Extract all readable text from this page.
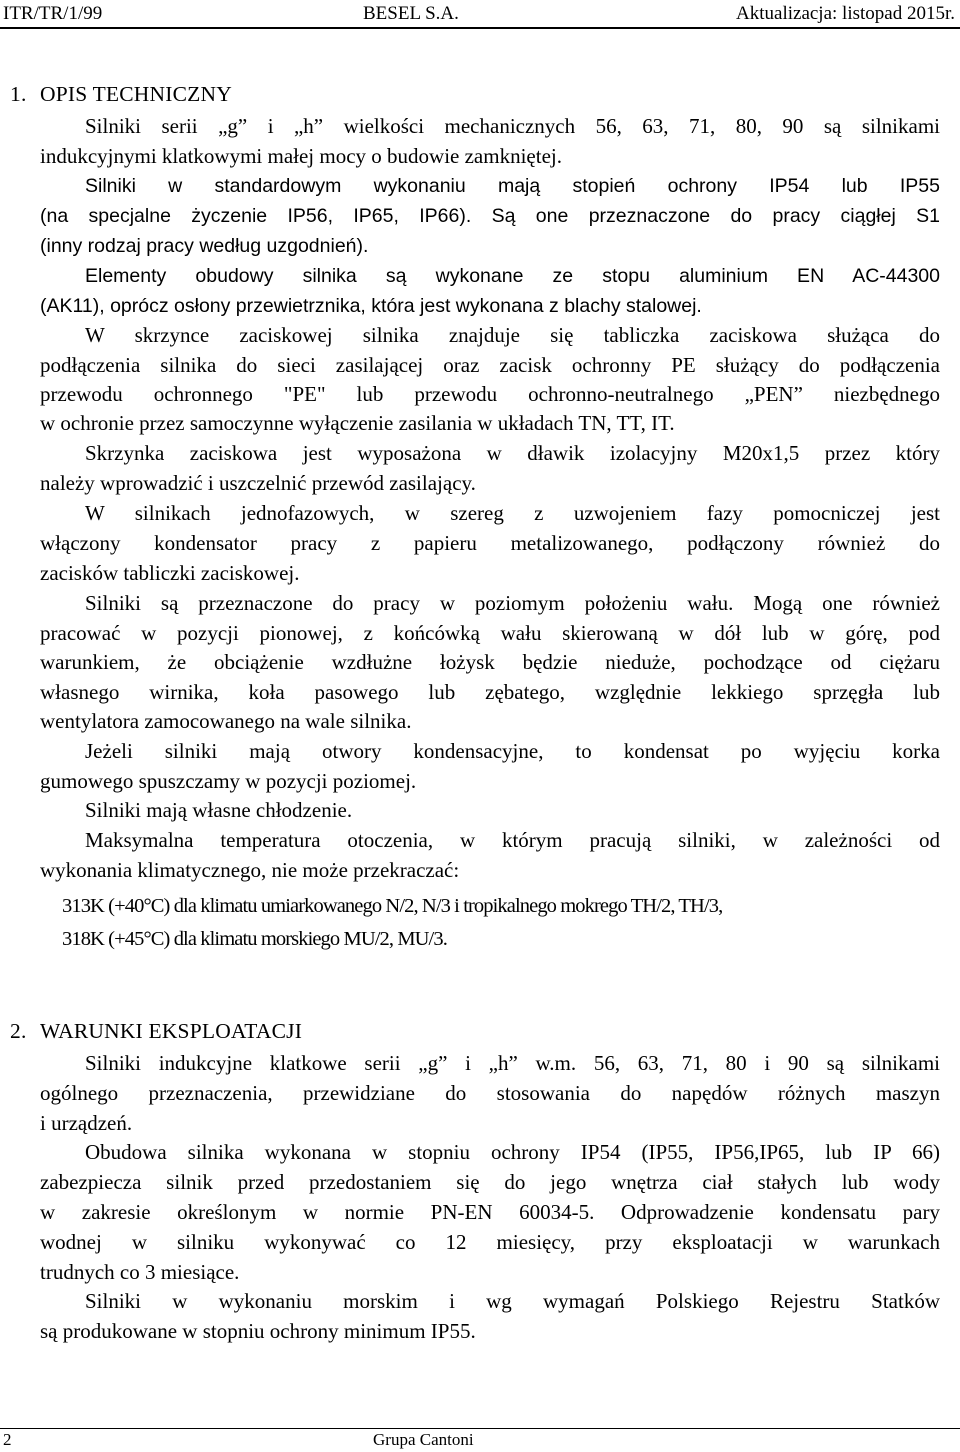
ITR/TR/1/99	BESEL S.A.	Aktualizacja: listopad 2015r.
1. OPIS TECHNICZNY
Silniki serii „g” i „h” wielkości mechanicznych 56, 63, 71, 80, 90 są silnikami
indukcyjnymi klatkowymi małej mocy o budowie zamkniętej.
Silniki w standardowym wykonaniu mają stopień ochrony IP54 lub IP55
(na specjalne życzenie IP56, IP65, IP66). Są one przeznaczone do pracy ciągłej S1
(inny rodzaj pracy według uzgodnień).
Elementy obudowy silnika są wykonane ze stopu aluminium EN AC-44300
(AK11), oprócz osłony przewietrznika, która jest wykonana z blachy stalowej.
W skrzynce zaciskowej silnika znajduje się tabliczka zaciskowa służąca do
podłączenia silnika do sieci zasilającej oraz zacisk ochronny PE służący do podłączenia
przewodu ochronnego "PE" lub przewodu ochronno-neutralnego „PEN” niezbędnego
w ochronie przez samoczynne wyłączenie zasilania w układach TN, TT, IT.
Skrzynka zaciskowa jest wyposażona w dławik izolacyjny M20x1,5 przez który
należy wprowadzić i uszczelnić przewód zasilający.
W silnikach jednofazowych, w szereg z uzwojeniem fazy pomocniczej jest
włączony kondensator pracy z papieru metalizowanego, podłączony również do
zacisków tabliczki zaciskowej.
Silniki są przeznaczone do pracy w poziomym położeniu wału. Mogą one również
pracować w pozycji pionowej, z końcówką wału skierowaną w dół lub w górę, pod
warunkiem, że obciążenie wzdłużne łożysk będzie nieduże, pochodzące od ciężaru
własnego wirnika, koła pasowego lub zębatego, względnie lekkiego sprzęgła lub
wentylatora zamocowanego na wale silnika.
Jeżeli silniki mają otwory kondensacyjne, to kondensat po wyjęciu korka
gumowego spuszczamy w pozycji poziomej.
Silniki mają własne chłodzenie.
Maksymalna temperatura otoczenia, w którym pracują silniki, w zależności od
wykonania klimatycznego, nie może przekraczać:
313K (+40°C) dla klimatu umiarkowanego N/2, N/3 i tropikalnego mokrego TH/2, TH/3,
318K (+45°C) dla klimatu morskiego MU/2, MU/3.
2. WARUNKI EKSPLOATACJI
Silniki indukcyjne klatkowe serii „g” i „h” w.m. 56, 63, 71, 80 i 90 są silnikami
ogólnego przeznaczenia, przewidziane do stosowania do napędów różnych maszyn
i urządzeń.
Obudowa silnika wykonana w stopniu ochrony IP54 (IP55, IP56,IP65, lub IP 66)
zabezpiecza silnik przed przedostaniem się do jego wnętrza ciał stałych lub wody
w zakresie określonym w normie PN-EN 60034-5. Odprowadzenie kondensatu pary
wodnej w silniku wykonywać co 12 miesięcy, przy eksploatacji w warunkach
trudnych co 3 miesiące.
Silniki w wykonaniu morskim i wg wymagań Polskiego Rejestru Statków
są produkowane w stopniu ochrony minimum IP55.
2	Grupa Cantoni
